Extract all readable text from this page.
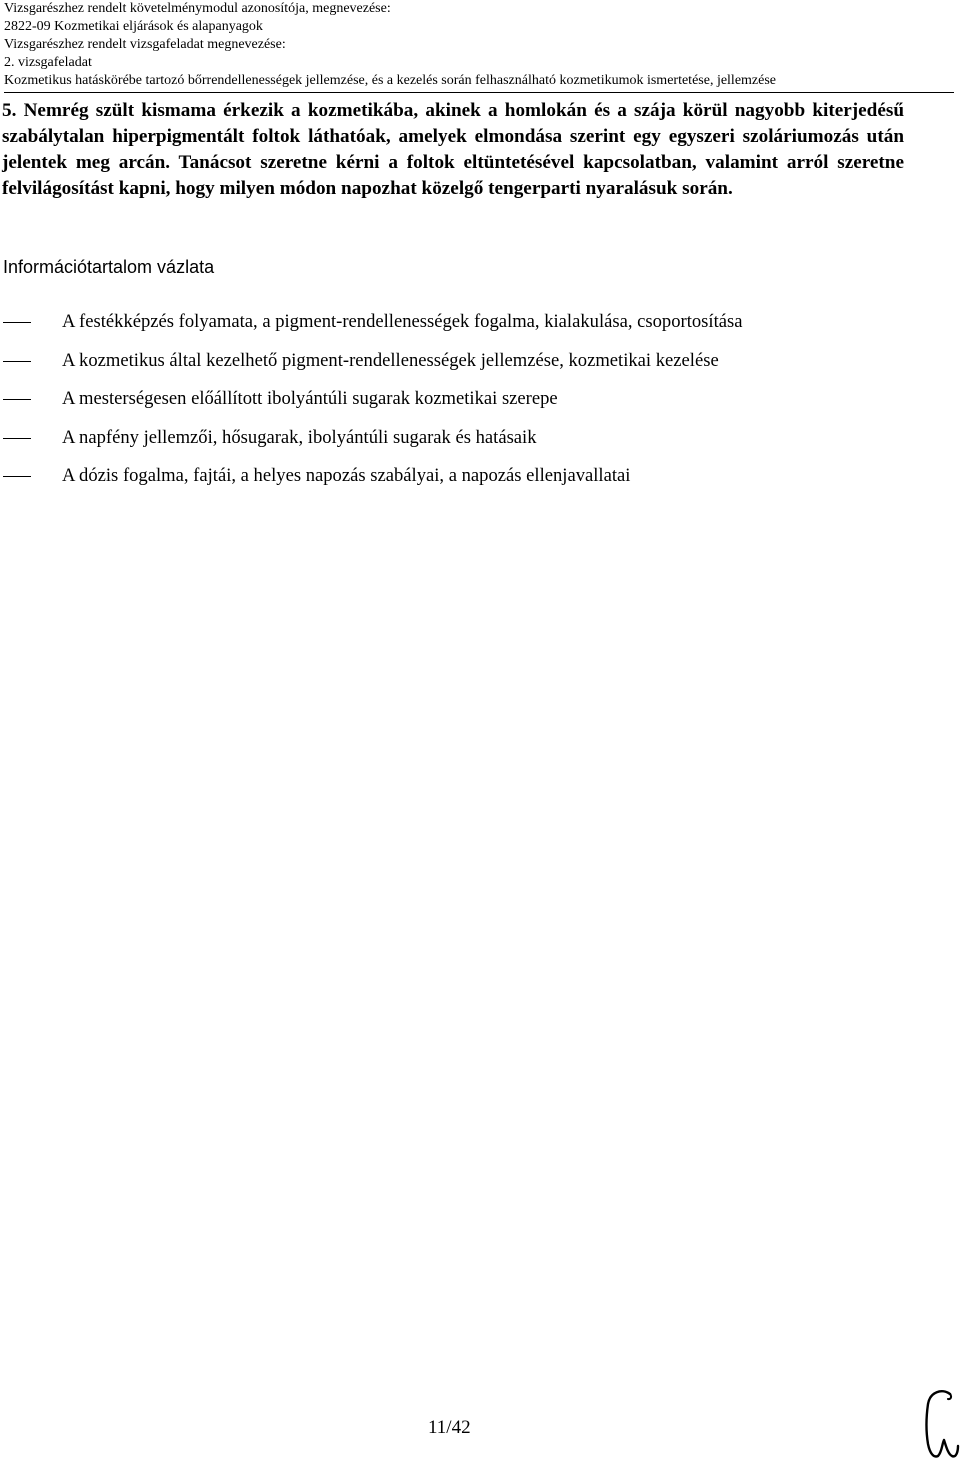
Vizsgarészhez rendelt követelménymodul azonosítója, megnevezése:
2822-09 Kozmetikai eljárások és alapanyagok
Vizsgarészhez rendelt vizsgafeladat megnevezése:
2. vizsgafeladat
Kozmetikus hatáskörébe tartozó bőrrendellenességek jellemzése, és a kezelés során felhasználható kozmetikumok ismertetése, jellemzése
5. Nemrég szült kismama érkezik a kozmetikába, akinek a homlokán és a szája körül nagyobb kiterjedésű szabálytalan hiperpigmentált foltok láthatóak, amelyek elmondása szerint egy egyszeri szoláriumozás után jelentek meg arcán. Tanácsot szeretne kérni a foltok eltüntetésével kapcsolatban, valamint arról szeretne felvilágosítást kapni, hogy milyen módon napozhat közelgő tengerparti nyaralásuk során.
Információtartalom vázlata
A festékképzés folyamata, a pigment-rendellenességek fogalma, kialakulása, csoportosítása
A kozmetikus által kezelhető pigment-rendellenességek jellemzése, kozmetikai kezelése
A mesterségesen előállított ibolyántúli sugarak kozmetikai szerepe
A napfény jellemzői, hősugarak, ibolyántúli sugarak és hatásaik
A dózis fogalma, fajtái, a helyes napozás szabályai, a napozás ellenjavallatai
11/42
